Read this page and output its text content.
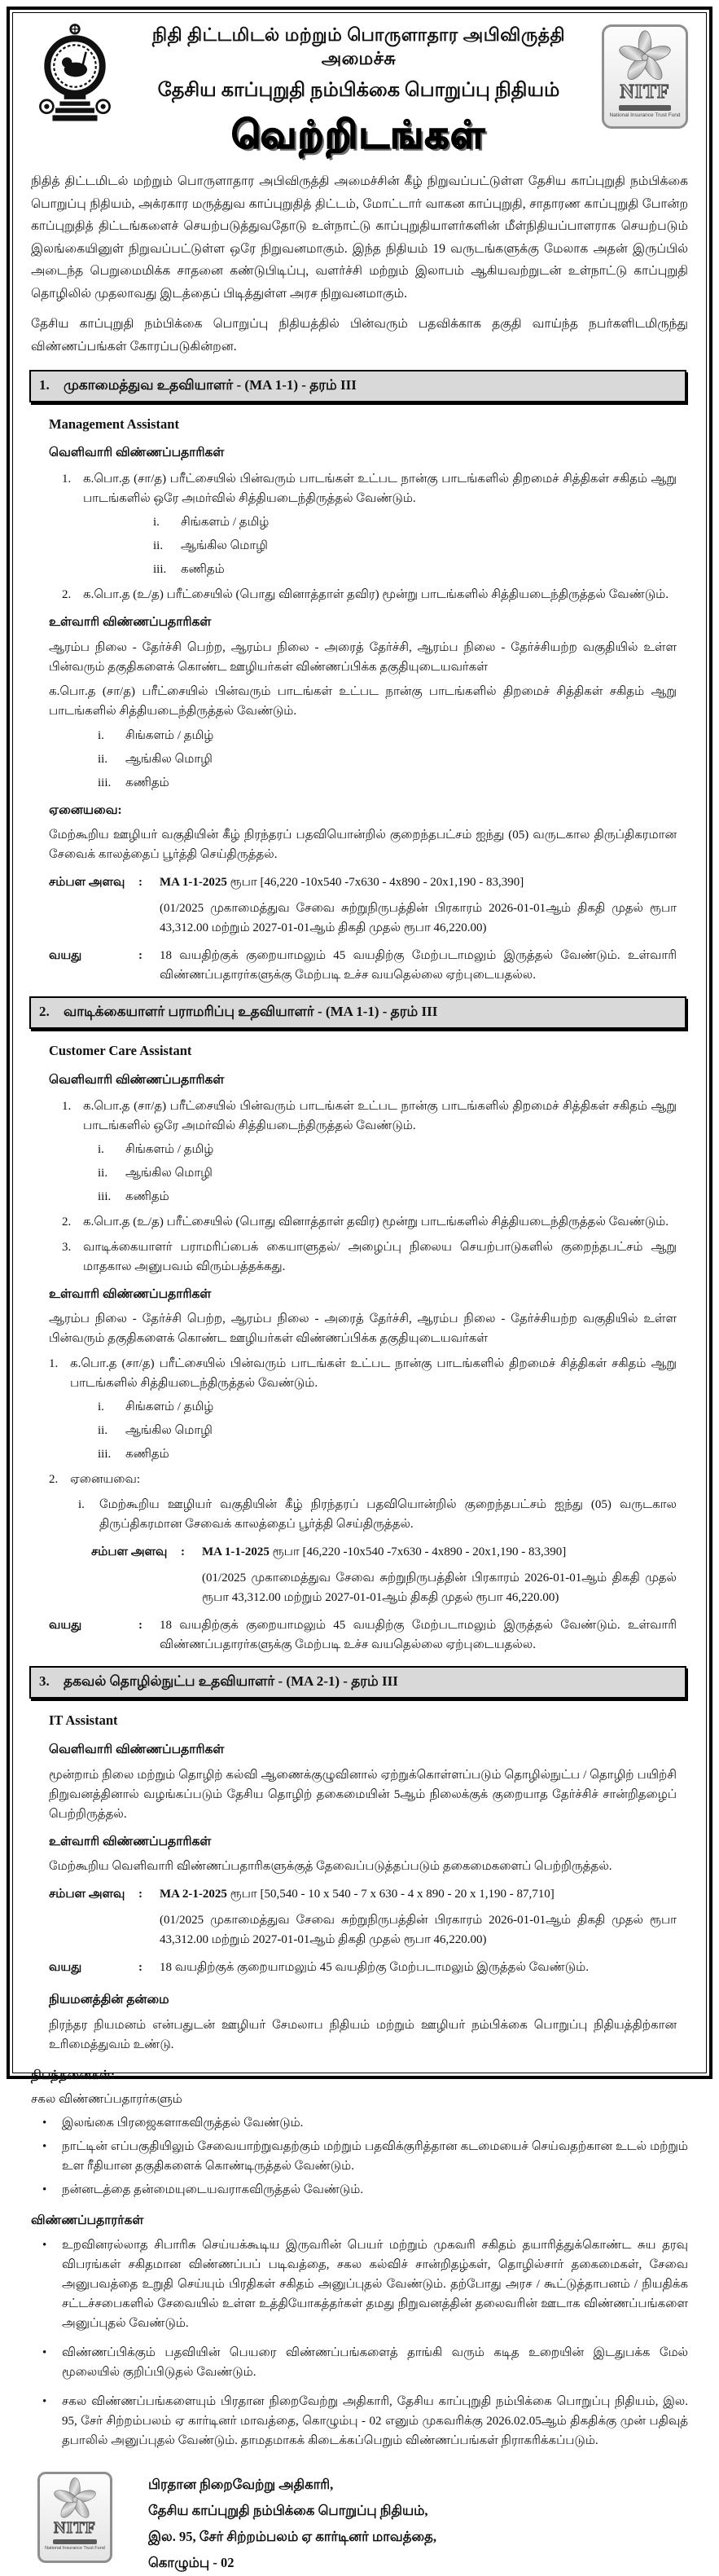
நிதி திட்டமிடல் மற்றும் பொருளாதார அபிவிருத்தி அமைச்சு
தேசிய காப்புறுதி நம்பிக்கை பொறுப்பு நிதியம்
வெற்றிடங்கள்
NITF
National Insurance Trust Fund

நிதித் திட்டமிடல் மற்றும் பொருளாதார அபிவிருத்தி அமைச்சின் கீழ் நிறுவப்பட்டுள்ள தேசிய காப்புறுதி நம்பிக்கை பொறுப்பு நிதியம், அக்ரகார மருத்துவ காப்புறுதித் திட்டம், மோட்டார் வாகன காப்புறுதி, சாதாரண காப்புறுதி போன்ற காப்புறுதித் திட்டங்களைச் செயற்படுத்துவதோடு உள்நாட்டு காப்புறுதியாளர்களின் மீள்நிதியப்பாளராக செயற்படும் இலங்கையினுள் நிறுவப்பட்டுள்ள ஒரே நிறுவனமாகும். இந்த நிதியம் 19 வருடங்களுக்கு மேலாக அதன் இருப்பில் அடைந்த பெறுமைமிக்க சாதனை கண்டுபிடிப்பு, வளர்ச்சி மற்றும் இலாபம் ஆகியவற்றுடன் உள்நாட்டு காப்புறுதி தொழிலில் முதலாவது இடத்தைப் பிடித்துள்ள அரச நிறுவனமாகும்.

தேசிய காப்புறுதி நம்பிக்கை பொறுப்பு நிதியத்தில் பின்வரும் பதவிக்காக தகுதி வாய்ந்த நபர்களிடமிருந்து விண்ணப்பங்கள் கோரப்படுகின்றன.

1.	முகாமைத்துவ உதவியாளர் - (MA 1-1) - தரம் III
Management Assistant
வெளிவாரி விண்ணப்பதாரிகள்
1. க.பொ.த (சா/த) பரீட்சையில் பின்வரும் பாடங்கள் உட்பட நான்கு பாடங்களில் திறமைச் சித்திகள் சகிதம் ஆறு பாடங்களில் ஒரே அமர்வில் சித்தியடைந்திருத்தல் வேண்டும்.
i.	சிங்களம் / தமிழ்
ii.	ஆங்கில மொழி
iii.	கணிதம்
2. க.பொ.த (உ/த) பரீட்சையில் (பொது வினாத்தாள் தவிர) மூன்று பாடங்களில் சித்தியடைந்திருத்தல் வேண்டும்.
உள்வாரி விண்ணப்பதாரிகள்

ஆரம்ப நிலை - தேர்ச்சி பெற்ற, ஆரம்ப நிலை - அரைத் தேர்ச்சி, ஆரம்ப நிலை - தேர்ச்சியற்ற வகுதியில் உள்ள பின்வரும் தகுதிகளைக் கொண்ட ஊழியர்கள் விண்ணப்பிக்க தகுதியுடையவர்கள்

க.பொ.த (சா/த) பரீட்சையில் பின்வரும் பாடங்கள் உட்பட நான்கு பாடங்களில் திறமைச் சித்திகள் சகிதம் ஆறு பாடங்களில் சித்தியடைந்திருத்தல் வேண்டும்.

i.	சிங்களம் / தமிழ்
ii.	ஆங்கில மொழி
iii.	கணிதம்
ஏனையவை:

மேற்கூறிய ஊழியர் வகுதியின் கீழ் நிரந்தரப் பதவியொன்றில் குறைந்தபட்சம் ஐந்து (05) வருடகால திருப்திகரமான சேவைக் காலத்தைப் பூர்த்தி செய்திருத்தல்.

சம்பள அளவு	:	MA 1-1-2025 ரூபா [46,220 -10x540 -7x630 - 4x890 - 20x1,190 - 83,390]
(01/2025 முகாமைத்துவ சேவை சுற்றுநிருபத்தின் பிரகாரம் 2026-01-01ஆம் திகதி முதல் ரூபா 43,312.00 மற்றும் 2027-01-01ஆம் திகதி முதல் ரூபா 46,220.00)
வயது	:	18 வயதிற்குக் குறையாமலும் 45 வயதிற்கு மேற்படாமலும் இருத்தல் வேண்டும். உள்வாரி விண்ணப்பதாரர்களுக்கு மேற்படி உச்ச வயதெல்லை ஏற்புடையதல்ல.
2.	வாடிக்கையாளர் பராமரிப்பு உதவியாளர் - (MA 1-1) - தரம் III
Customer Care Assistant
வெளிவாரி விண்ணப்பதாரிகள்
1. க.பொ.த (சா/த) பரீட்சையில் பின்வரும் பாடங்கள் உட்பட நான்கு பாடங்களில் திறமைச் சித்திகள் சகிதம் ஆறு பாடங்களில் ஒரே அமர்வில் சித்தியடைந்திருத்தல் வேண்டும்.
i.	சிங்களம் / தமிழ்
ii.	ஆங்கில மொழி
iii.	கணிதம்
2. க.பொ.த (உ/த) பரீட்சையில் (பொது வினாத்தாள் தவிர) மூன்று பாடங்களில் சித்தியடைந்திருத்தல் வேண்டும்.
3. வாடிக்கையாளர் பராமரிப்பைக் கையாளுதல்/ அழைப்பு நிலைய செயற்பாடுகளில் குறைந்தபட்சம் ஆறு மாதகால அனுபவம் விரும்பத்தக்கது.
உள்வாரி விண்ணப்பதாரிகள்

ஆரம்ப நிலை - தேர்ச்சி பெற்ற, ஆரம்ப நிலை - அரைத் தேர்ச்சி, ஆரம்ப நிலை - தேர்ச்சியற்ற வகுதியில் உள்ள பின்வரும் தகுதிகளைக் கொண்ட ஊழியர்கள் விண்ணப்பிக்க தகுதியுடையவர்கள்

1. க.பொ.த (சா/த) பரீட்சையில் பின்வரும் பாடங்கள் உட்பட நான்கு பாடங்களில் திறமைச் சித்திகள் சகிதம் ஆறு பாடங்களில் சித்தியடைந்திருத்தல் வேண்டும்.
i.	சிங்களம் / தமிழ்
ii.	ஆங்கில மொழி
iii.	கணிதம்
2. ஏனையவை:
i.	மேற்கூறிய ஊழியர் வகுதியின் கீழ் நிரந்தரப் பதவியொன்றில் குறைந்தபட்சம் ஐந்து (05) வருடகால திருப்திகரமான சேவைக் காலத்தைப் பூர்த்தி செய்திருத்தல்.
சம்பள அளவு	:	MA 1-1-2025 ரூபா [46,220 -10x540 -7x630 - 4x890 - 20x1,190 - 83,390]
(01/2025 முகாமைத்துவ சேவை சுற்றுநிருபத்தின் பிரகாரம் 2026-01-01ஆம் திகதி முதல் ரூபா 43,312.00 மற்றும் 2027-01-01ஆம் திகதி முதல் ரூபா 46,220.00)
வயது	:	18 வயதிற்குக் குறையாமலும் 45 வயதிற்கு மேற்படாமலும் இருத்தல் வேண்டும். உள்வாரி விண்ணப்பதாரர்களுக்கு மேற்படி உச்ச வயதெல்லை ஏற்புடையதல்ல.
3.	தகவல் தொழில்நுட்ப உதவியாளர் - (MA 2-1) - தரம் III
IT Assistant
வெளிவாரி விண்ணப்பதாரிகள்

மூன்றாம் நிலை மற்றும் தொழிற் கல்வி ஆணைக்குழுவினால் ஏற்றுக்கொள்ளப்படும் தொழில்நுட்ப / தொழிற் பயிற்சி நிறுவனத்தினால் வழங்கப்படும் தேசிய தொழிற் தகைமையின் 5ஆம் நிலைக்குக் குறையாத தேர்ச்சிச் சான்றிதழைப் பெற்றிருத்தல்.

உள்வாரி விண்ணப்பதாரிகள்

மேற்கூறிய வெளிவாரி விண்ணப்பதாரிகளுக்குத் தேவைப்படுத்தப்படும் தகைமைகளைப் பெற்றிருத்தல்.

சம்பள அளவு	:	MA 2-1-2025 ரூபா [50,540 - 10 x 540 - 7 x 630 - 4 x 890 - 20 x 1,190 - 87,710]
(01/2025 முகாமைத்துவ சேவை சுற்றுநிருபத்தின் பிரகாரம் 2026-01-01ஆம் திகதி முதல் ரூபா 43,312.00 மற்றும் 2027-01-01ஆம் திகதி முதல் ரூபா 46,220.00)
வயது	:	18 வயதிற்குக் குறையாமலும் 45 வயதிற்கு மேற்படாமலும் இருத்தல் வேண்டும்.
நியமனத்தின் தன்மை

நிரந்தர நியமனம் என்பதுடன் ஊழியர் சேமலாப நிதியம் மற்றும் ஊழியர் நம்பிக்கை பொறுப்பு நிதியத்திற்கான உரிமைத்துவம் உண்டு.

நிபந்தனைகள்:
சகல விண்ணப்பதாரர்களும்
•	இலங்கை பிரஜைகளாகவிருத்தல் வேண்டும்.
•	நாட்டின் எப்பகுதியிலும் சேவையாற்றுவதற்கும் மற்றும் பதவிக்குரித்தான கடமையைச் செய்வதற்கான உடல் மற்றும் உள ரீதியான தகுதிகளைக் கொண்டிருத்தல் வேண்டும்.
•	நன்னடத்தை தன்மையுடையவராகவிருத்தல் வேண்டும்.
விண்ணப்பதாரர்கள்
•	உறவினரல்லாத சிபாரிசு செய்யக்கூடிய இருவரின் பெயர் மற்றும் முகவரி சகிதம் தயாரித்துக்கொண்ட சுய தரவு விபரங்கள் சகிதமான விண்ணப்பப் படிவத்தை, சகல கல்விச் சான்றிதழ்கள், தொழில்சார் தகைமைகள், சேவை அனுபவத்தை உறுதி செய்யும் பிரதிகள் சகிதம் அனுப்புதல் வேண்டும். தற்போது அரச / கூட்டுத்தாபனம் / நியதிக்க சட்டச்சபைகளில் சேவையில் உள்ள உத்தியோகத்தர்கள் தமது நிறுவனத்தின் தலைவரின் ஊடாக விண்ணப்பங்களை அனுப்புதல் வேண்டும்.
•	விண்ணப்பிக்கும் பதவியின் பெயரை விண்ணப்பங்களைத் தாங்கி வரும் கடித உறையின் இடதுபக்க மேல் மூலையில் குறிப்பிடுதல் வேண்டும்.
•	சகல விண்ணப்பங்களையும் பிரதான நிறைவேற்று அதிகாரி, தேசிய காப்புறுதி நம்பிக்கை பொறுப்பு நிதியம், இல. 95, சேர் சிற்றம்பலம் ஏ கார்டினர் மாவத்தை, கொழும்பு - 02 எனும் முகவரிக்கு 2026.02.05ஆம் திகதிக்கு முன் பதிவுத் தபாலில் அனுப்புதல் வேண்டும். தாமதமாகக் கிடைக்கப்பெறும் விண்ணப்பங்கள் நிராகரிக்கப்படும்.
NITF
National Insurance Trust Fund
பிரதான நிறைவேற்று அதிகாரி,
தேசிய காப்புறுதி நம்பிக்கை பொறுப்பு நிதியம்,
இல. 95, சேர் சிற்றம்பலம் ஏ கார்டினர் மாவத்தை,
கொழும்பு - 02
